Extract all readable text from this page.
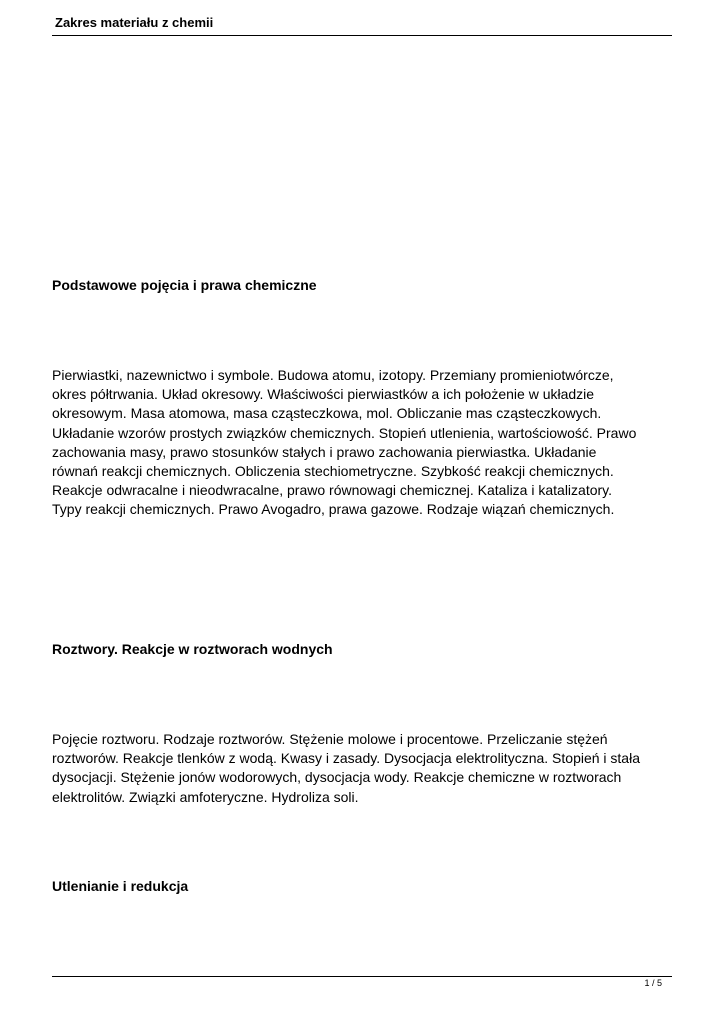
Zakres materiału z chemii
Podstawowe pojęcia i prawa chemiczne
Pierwiastki, nazewnictwo i symbole. Budowa atomu, izotopy. Przemiany promieniotwórcze,
okres półtrwania. Układ okresowy. Właściwości pierwiastków a ich położenie w układzie
okresowym. Masa atomowa, masa cząsteczkowa, mol. Obliczanie mas cząsteczkowych.
Układanie wzorów prostych związków chemicznych. Stopień utlenienia, wartościowość. Prawo
zachowania masy, prawo stosunków stałych i prawo zachowania pierwiastka. Układanie
równań reakcji chemicznych. Obliczenia stechiometryczne. Szybkość reakcji chemicznych.
Reakcje odwracalne i nieodwracalne, prawo równowagi chemicznej. Kataliza i katalizatory.
Typy reakcji chemicznych. Prawo Avogadro, prawa gazowe. Rodzaje wiązań chemicznych.
Roztwory. Reakcje w roztworach wodnych
Pojęcie roztworu. Rodzaje roztworów. Stężenie molowe i procentowe. Przeliczanie stężeń
roztworów. Reakcje tlenków z wodą. Kwasy i zasady. Dysocjacja elektrolityczna. Stopień i stała
dysocjacji. Stężenie jonów wodorowych, dysocjacja wody. Reakcje chemiczne w roztworach
elektrolitów. Związki amfoteryczne. Hydroliza soli.
Utlenianie i redukcja
1 / 5
